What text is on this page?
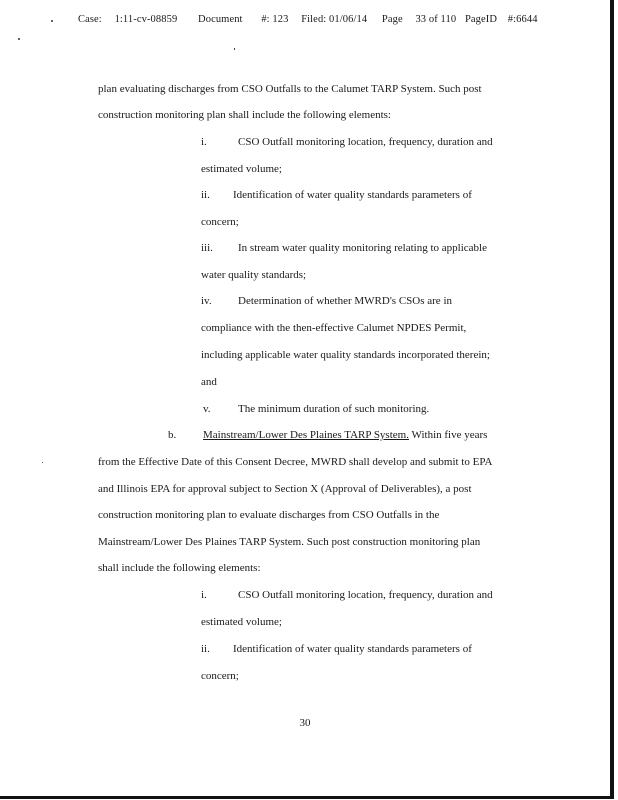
Case: 1:11-cv-08859 Document #: 123 Filed: 01/06/14 Page 33 of 110 PageID #:6644
plan evaluating discharges from CSO Outfalls to the Calumet TARP System. Such post
construction monitoring plan shall include the following elements:
i.	CSO Outfall monitoring location, frequency, duration and
estimated volume;
ii. Identification of water quality standards parameters of
concern;
iii. In stream water quality monitoring relating to applicable
water quality standards;
iv. Determination of whether MWRD's CSOs are in
compliance with the then-effective Calumet NPDES Permit,
including applicable water quality standards incorporated therein;
and
v. The minimum duration of such monitoring.
b. Mainstream/Lower Des Plaines TARP System. Within five years
from the Effective Date of this Consent Decree, MWRD shall develop and submit to EPA
and Illinois EPA for approval subject to Section X (Approval of Deliverables), a post
construction monitoring plan to evaluate discharges from CSO Outfalls in the
Mainstream/Lower Des Plaines TARP System. Such post construction monitoring plan
shall include the following elements:
i.	CSO Outfall monitoring location, frequency, duration and
estimated volume;
ii. Identification of water quality standards parameters of
concern;
30
